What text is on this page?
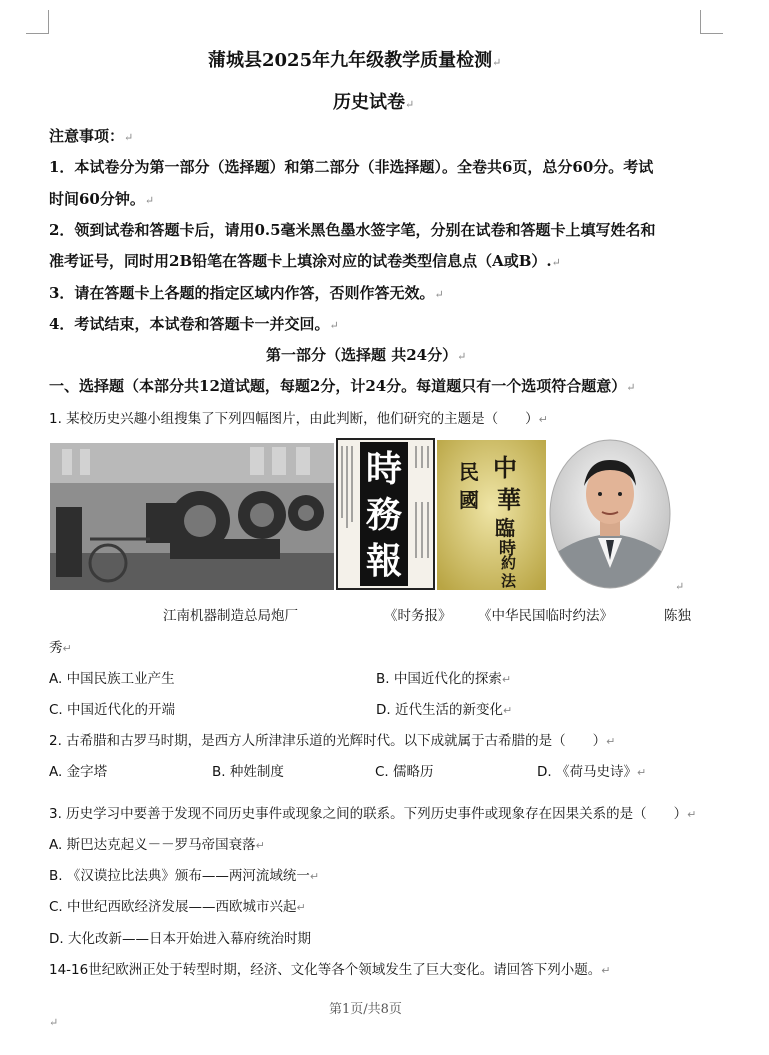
蒲城县2025年九年级教学质量检测↵
历史试卷↵
注意事项：↵
1．本试卷分为第一部分（选择题）和第二部分（非选择题）。全卷共6页，总分60分。考试
时间60分钟。↵
2．领到试卷和答题卡后，请用0.5毫米黑色墨水签字笔，分别在试卷和答题卡上填写姓名和
准考证号，同时用2B铅笔在答题卡上填涂对应的试卷类型信息点（A或B）.↵
3．请在答题卡上各题的指定区域内作答，否则作答无效。↵
4．考试结束，本试卷和答题卡一并交回。↵
第一部分（选择题 共24分）↵
一、选择题（本部分共12道试题，每题2分，计24分。每道题只有一个选项符合题意）↵
1. 某校历史兴趣小组搜集了下列四幅图片，由此判断，他们研究的主题是（　　）↵
時務報
中
華
民
國
臨
時
約
法	↵
江南机器制造总局炮厂	《时务报》 《中华民国临时约法》	陈独
秀↵
A. 中国民族工业产生	B. 中国近代化的探索↵
C. 中国近代化的开端	D. 近代生活的新变化↵
2. 古希腊和古罗马时期，是西方人所津津乐道的光辉时代。以下成就属于古希腊的是（　　）↵
A. 金字塔	B. 种姓制度	C. 儒略历	D. 《荷马史诗》↵
3. 历史学习中要善于发现不同历史事件或现象之间的联系。下列历史事件或现象存在因果关系的是（　　）↵
A. 斯巴达克起义－－罗马帝国衰落↵
B. 《汉谟拉比法典》颁布——两河流域统一↵
C. 中世纪西欧经济发展——西欧城市兴起↵
D. 大化改新——日本开始进入幕府统治时期
14-16世纪欧洲正处于转型时期，经济、文化等各个领域发生了巨大变化。请回答下列小题。↵
第1页/共8页
↵
